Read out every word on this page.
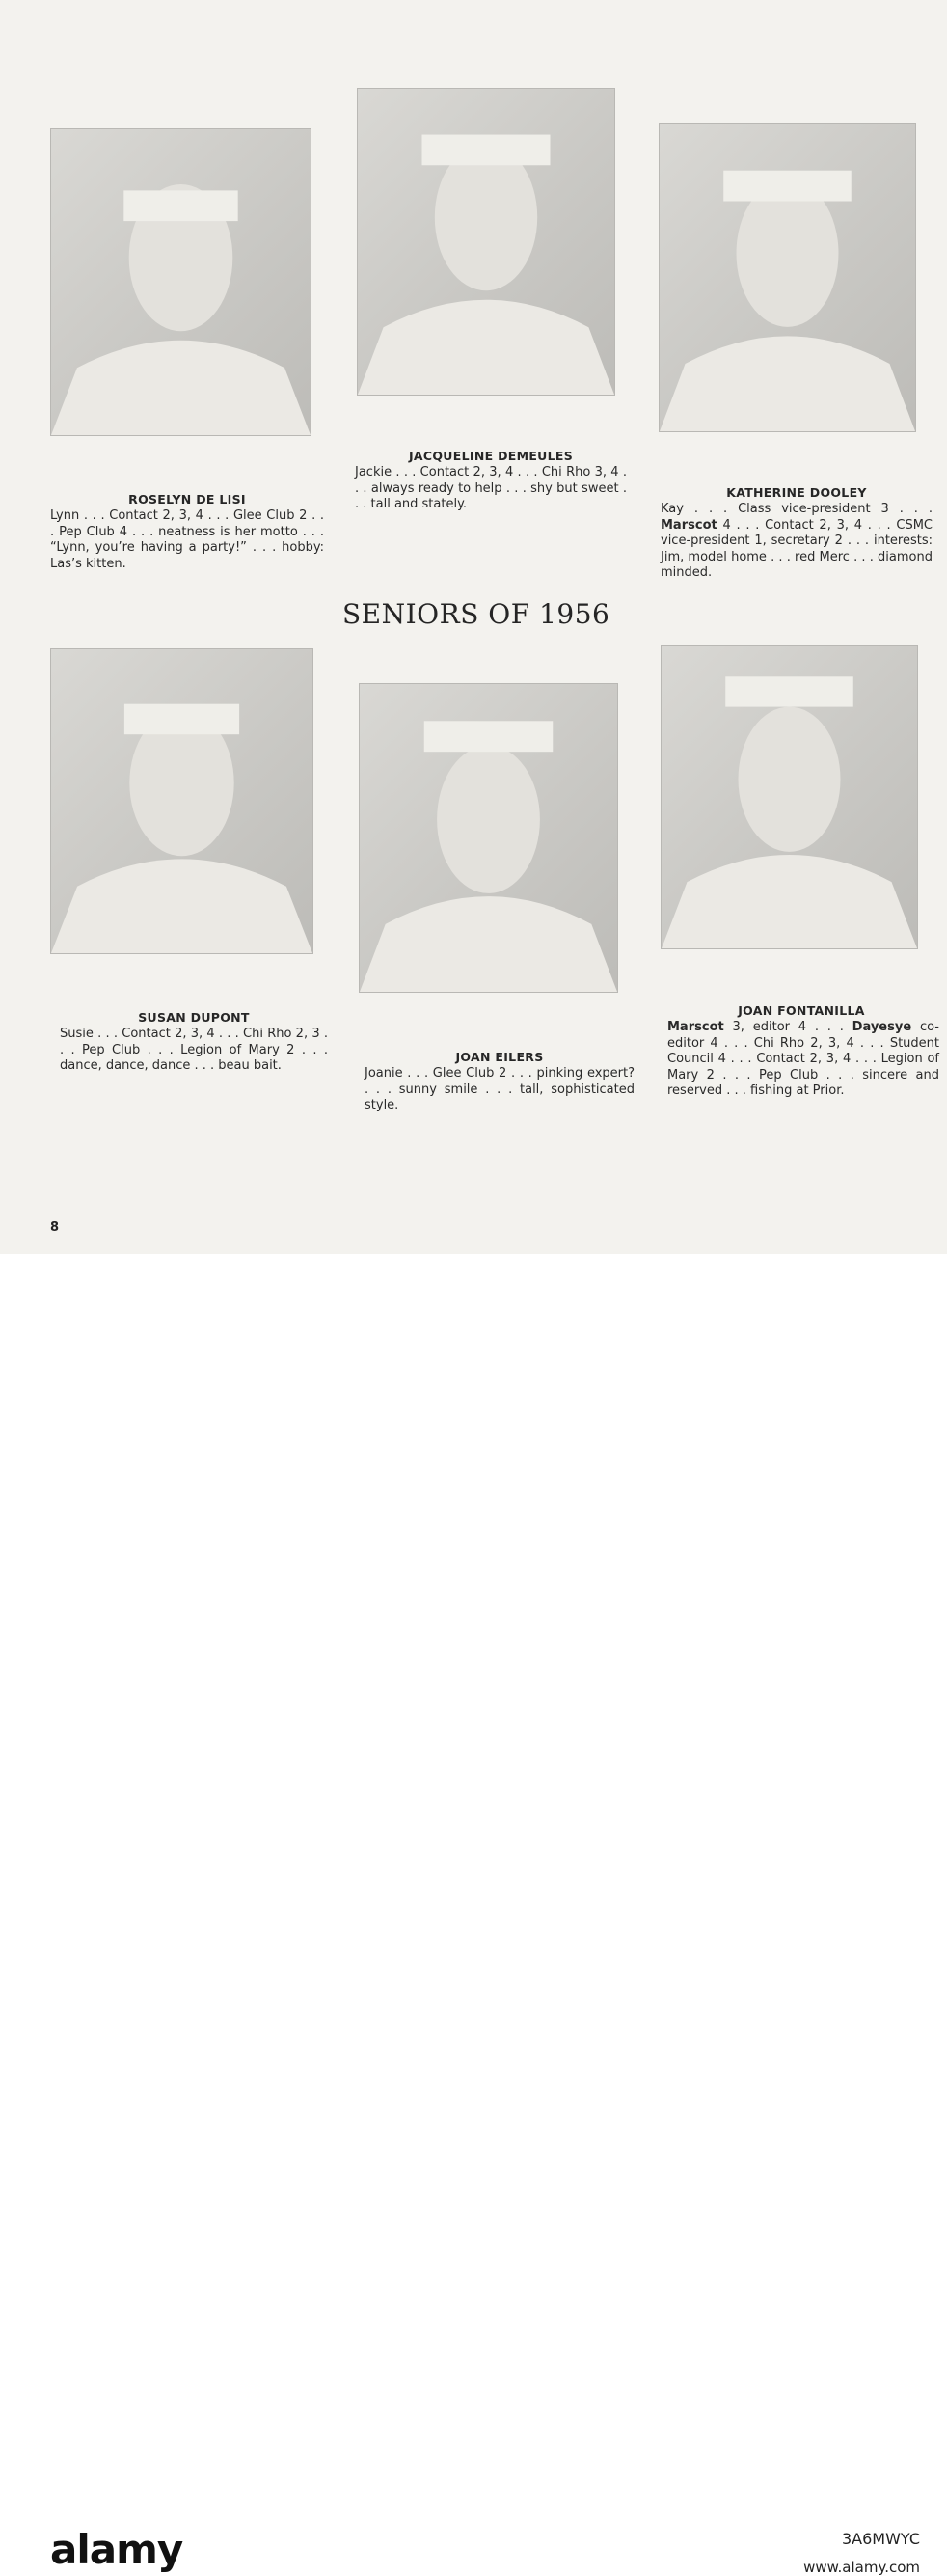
ROSELYN DE LISI
Lynn . . . Contact 2, 3, 4 . . . Glee Club 2 . . . Pep Club 4 . . . neatness is her motto . . . “Lynn, you’re having a party!” . . . hobby: Las’s kitten.
JACQUELINE DEMEULES
Jackie . . . Contact 2, 3, 4 . . . Chi Rho 3, 4 . . . always ready to help . . . shy but sweet . . . tall and stately.
KATHERINE DOOLEY
Kay . . . Class vice-president 3 . . . Marscot 4 . . . Contact 2, 3, 4 . . . CSMC vice-president 1, secretary 2 . . . interests: Jim, model home . . . red Merc . . . diamond minded.
SENIORS OF 1956
SUSAN DUPONT
Susie . . . Contact 2, 3, 4 . . . Chi Rho 2, 3 . . . Pep Club . . . Legion of Mary 2 . . . dance, dance, dance . . . beau bait.
JOAN EILERS
Joanie . . . Glee Club 2 . . . pinking expert? . . . sunny smile . . . tall, sophisticated style.
JOAN FONTANILLA
Marscot 3, editor 4 . . . Dayesye co-editor 4 . . . Chi Rho 2, 3, 4 . . . Student Council 4 . . . Contact 2, 3, 4 . . . Legion of Mary 2 . . . Pep Club . . . sincere and reserved . . . fishing at Prior.
8
alamy	3A6MWYC
www.alamy.com
